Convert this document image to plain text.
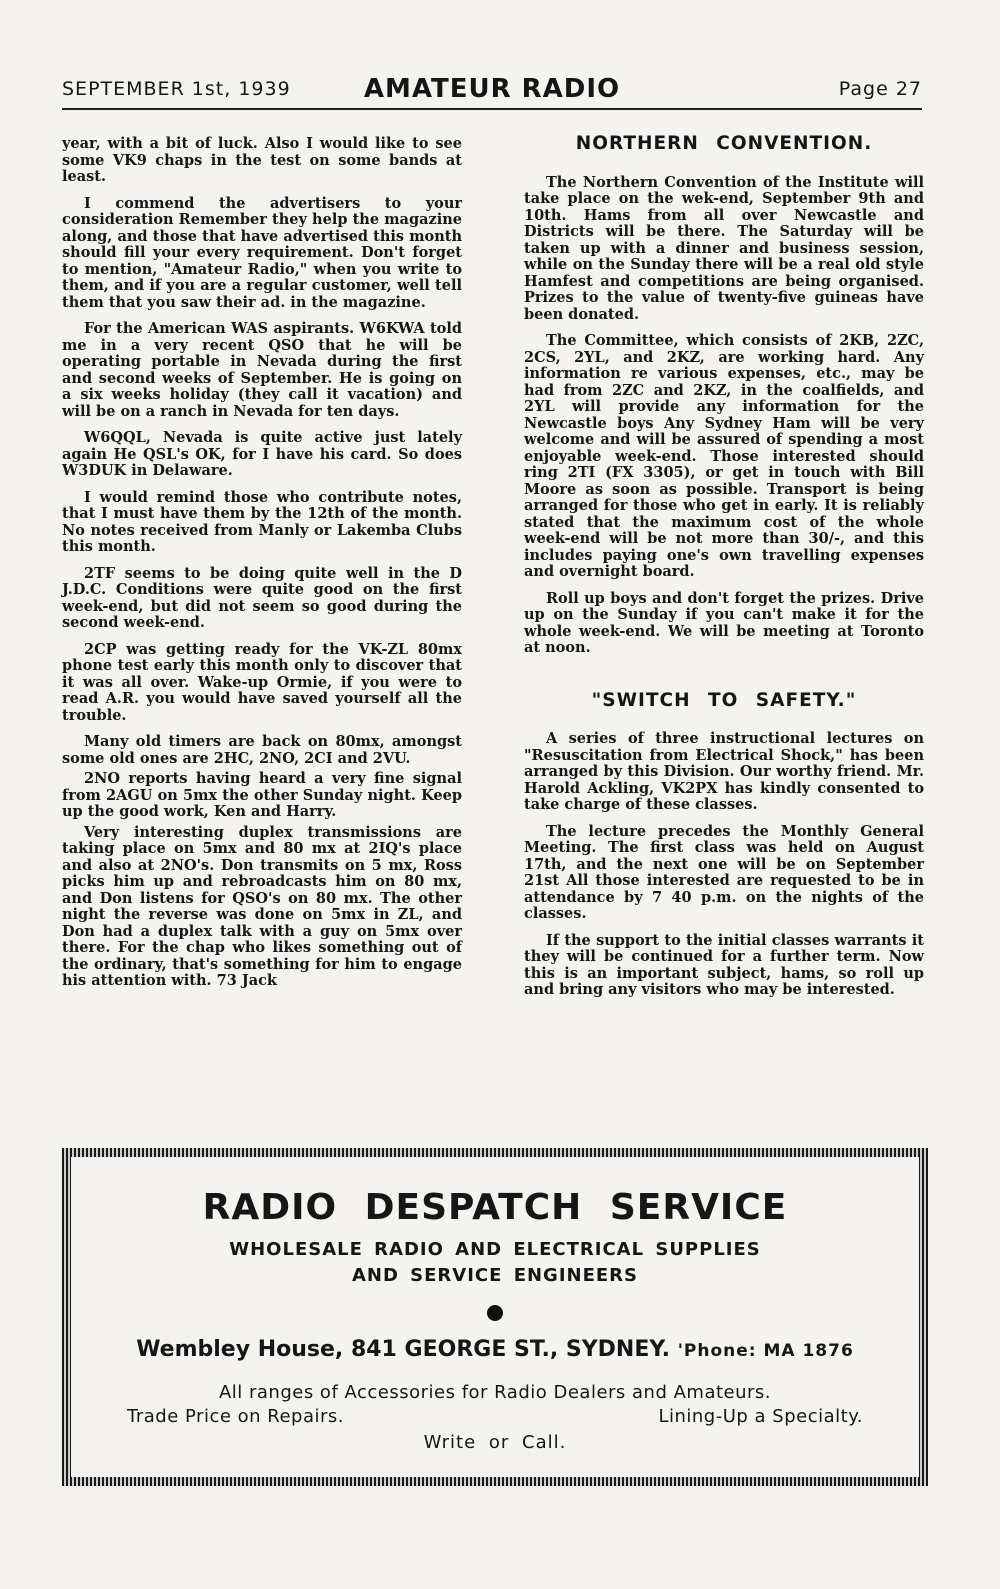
SEPTEMBER 1st, 1939	AMATEUR RADIO	Page 27

year, with a bit of luck. Also I would like to see some VK9 chaps in the test on some bands at least.

I commend the advertisers to your consideration Remember they help the magazine along, and those that have advertised this month should fill your every requirement. Don't forget to mention, "Amateur Radio," when you write to them, and if you are a regular customer, well tell them that you saw their ad. in the magazine.

For the American WAS aspirants. W6KWA told me in a very recent QSO that he will be operating portable in Nevada during the first and second weeks of September. He is going on a six weeks holiday (they call it vacation) and will be on a ranch in Nevada for ten days.

W6QQL, Nevada is quite active just lately again He QSL's OK, for I have his card. So does W3DUK in Delaware.

I would remind those who contribute notes, that I must have them by the 12th of the month. No notes received from Manly or Lakemba Clubs this month.

2TF seems to be doing quite well in the D J.D.C. Conditions were quite good on the first week-end, but did not seem so good during the second week-end.

2CP was getting ready for the VK-ZL 80mx phone test early this month only to discover that it was all over. Wake-up Ormie, if you were to read A.R. you would have saved yourself all the trouble.

Many old timers are back on 80mx, amongst some old ones are 2HC, 2NO, 2CI and 2VU.

2NO reports having heard a very fine signal from 2AGU on 5mx the other Sunday night. Keep up the good work, Ken and Harry.

Very interesting duplex transmissions are taking place on 5mx and 80 mx at 2IQ's place and also at 2NO's. Don transmits on 5 mx, Ross picks him up and rebroadcasts him on 80 mx, and Don listens for QSO's on 80 mx. The other night the reverse was done on 5mx in ZL, and Don had a duplex talk with a guy on 5mx over there. For the chap who likes something out of the ordinary, that's something for him to engage his attention with. 73 Jack

NORTHERN CONVENTION.

The Northern Convention of the Institute will take place on the wek-end, September 9th and 10th. Hams from all over Newcastle and Districts will be there. The Saturday will be taken up with a dinner and business session, while on the Sunday there will be a real old style Hamfest and competitions are being organised. Prizes to the value of twenty-five guineas have been donated.

The Committee, which consists of 2KB, 2ZC, 2CS, 2YL, and 2KZ, are working hard. Any information re various expenses, etc., may be had from 2ZC and 2KZ, in the coalfields, and 2YL will provide any information for the Newcastle boys Any Sydney Ham will be very welcome and will be assured of spending a most enjoyable week-end. Those interested should ring 2TI (FX 3305), or get in touch with Bill Moore as soon as possible. Transport is being arranged for those who get in early. It is reliably stated that the maximum cost of the whole week-end will be not more than 30/-, and this includes paying one's own travelling expenses and overnight board.

Roll up boys and don't forget the prizes. Drive up on the Sunday if you can't make it for the whole week-end. We will be meeting at Toronto at noon.

"SWITCH TO SAFETY."

A series of three instructional lectures on "Resuscitation from Electrical Shock," has been arranged by this Division. Our worthy friend. Mr. Harold Ackling, VK2PX has kindly consented to take charge of these classes.

The lecture precedes the Monthly General Meeting. The first class was held on August 17th, and the next one will be on September 21st All those interested are requested to be in attendance by 7 40 p.m. on the nights of the classes.

If the support to the initial classes warrants it they will be continued for a further term. Now this is an important subject, hams, so roll up and bring any visitors who may be interested.

RADIO DESPATCH SERVICE
WHOLESALE RADIO AND ELECTRICAL SUPPLIES
AND SERVICE ENGINEERS
Wembley House, 841 GEORGE ST., SYDNEY. 'Phone: MA 1876
All ranges of Accessories for Radio Dealers and Amateurs.
Trade Price on Repairs.	Lining-Up a Specialty.
Write or Call.
